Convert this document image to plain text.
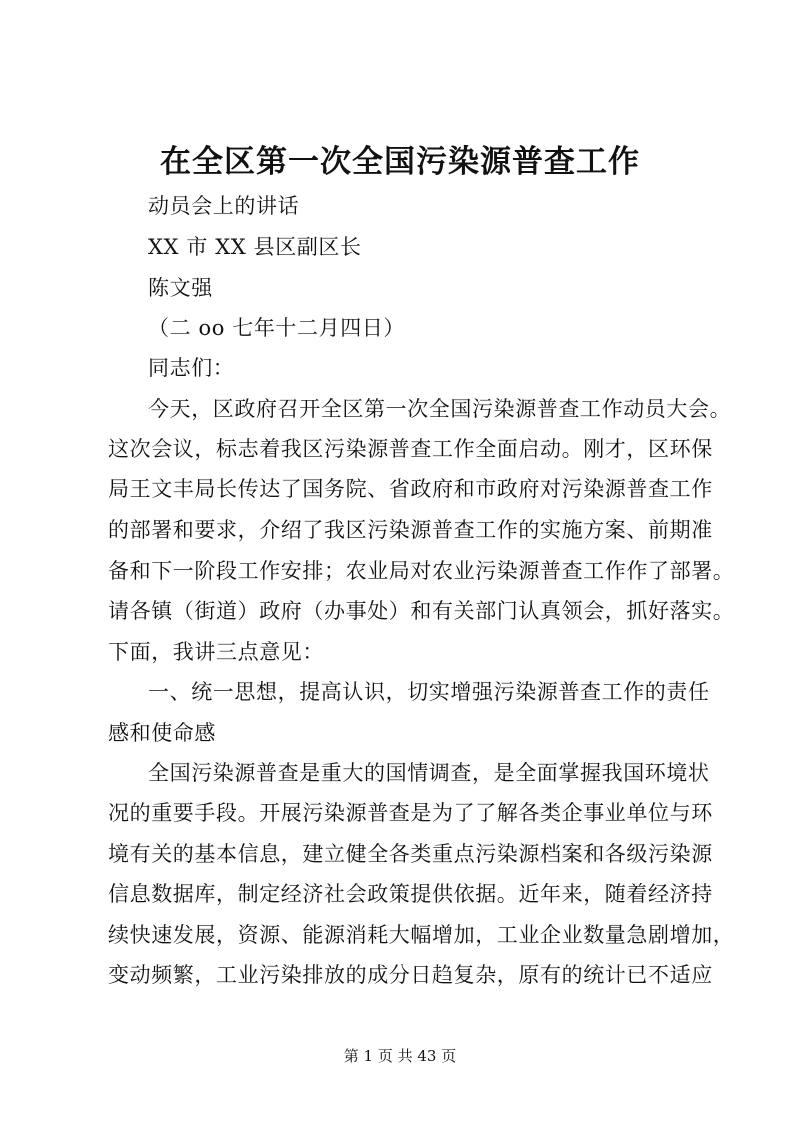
在全区第一次全国污染源普查工作
动员会上的讲话
XX 市 XX 县区副区长
陈文强
（二 oo 七年十二月四日）
同志们：
今天，区政府召开全区第一次全国污染源普查工作动员大会。
这次会议，标志着我区污染源普查工作全面启动。刚才，区环保
局王文丰局长传达了国务院、省政府和市政府对污染源普查工作
的部署和要求，介绍了我区污染源普查工作的实施方案、前期准
备和下一阶段工作安排；农业局对农业污染源普查工作作了部署。
请各镇（街道）政府（办事处）和有关部门认真领会，抓好落实。
下面，我讲三点意见：
一、统一思想，提高认识，切实增强污染源普查工作的责任
感和使命感
全国污染源普查是重大的国情调查，是全面掌握我国环境状
况的重要手段。开展污染源普查是为了了解各类企事业单位与环
境有关的基本信息，建立健全各类重点污染源档案和各级污染源
信息数据库，制定经济社会政策提供依据。近年来，随着经济持
续快速发展，资源、能源消耗大幅增加，工业企业数量急剧增加，
变动频繁，工业污染排放的成分日趋复杂，原有的统计已不适应
第 1 页 共 43 页
